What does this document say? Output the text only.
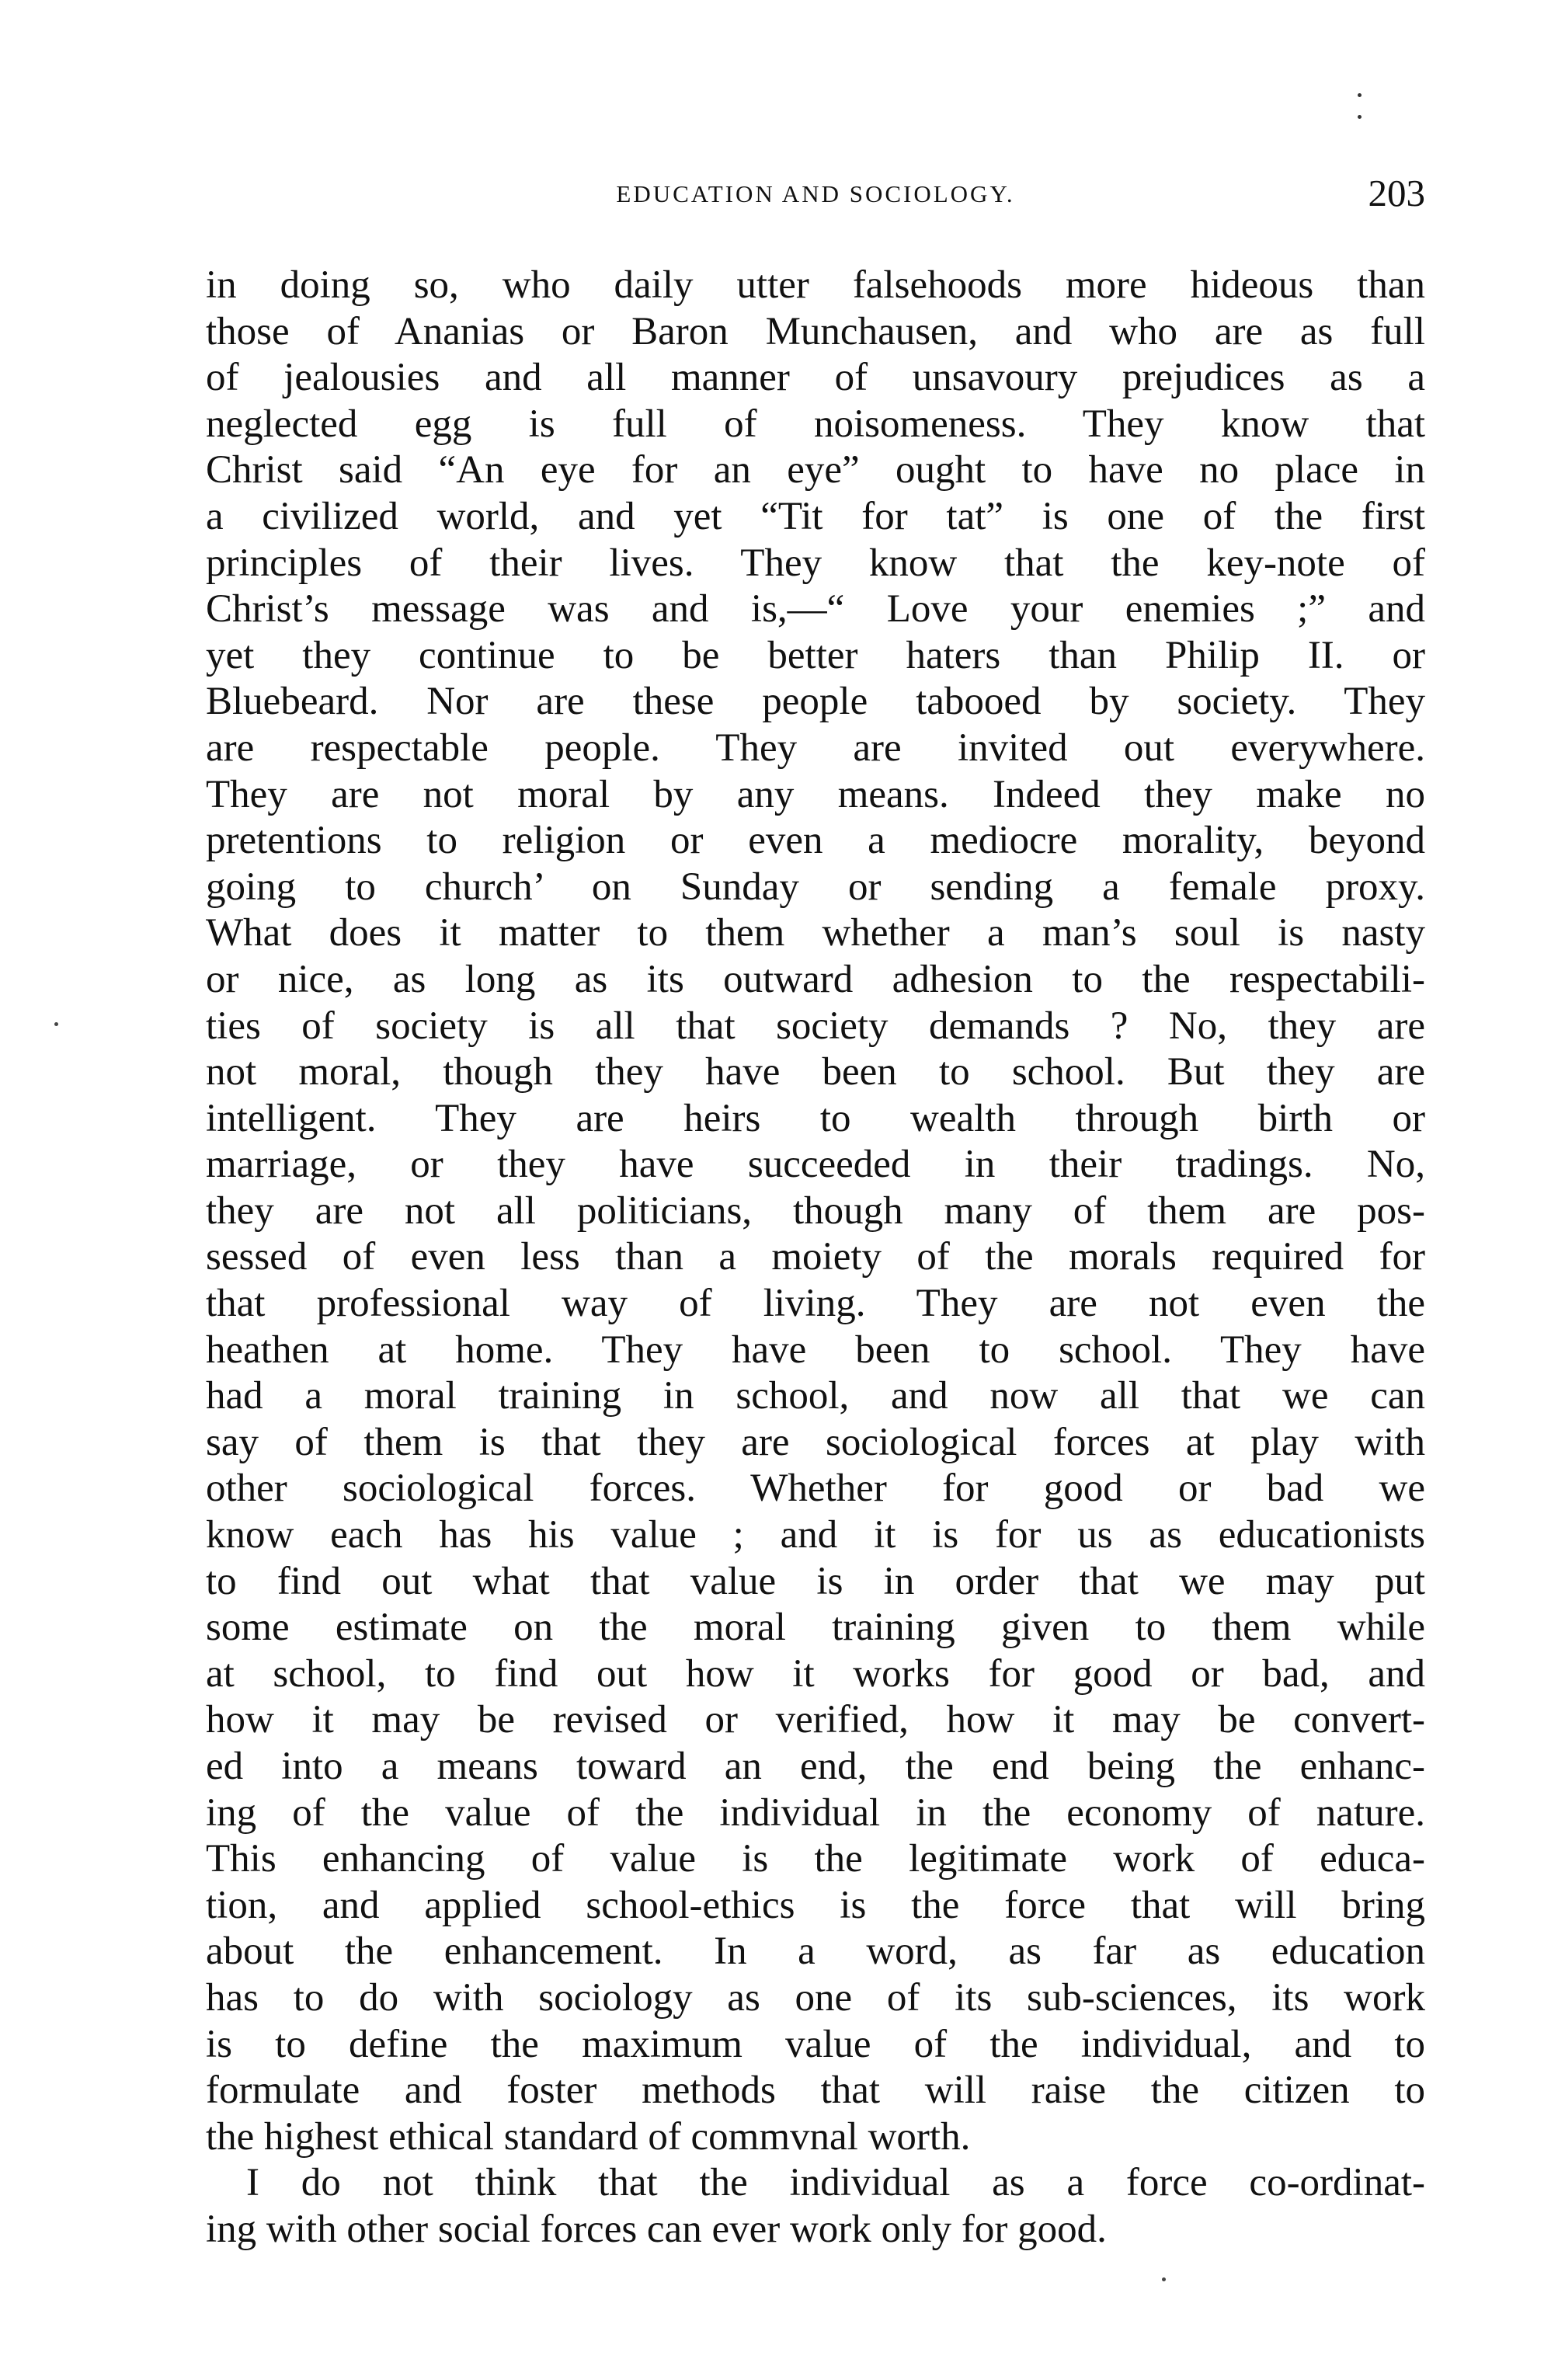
EDUCATION AND SOCIOLOGY.	203
in doing so, who daily utter falsehoods more hideous than
those of Ananias or Baron Munchausen, and who are as full
of jealousies and all manner of unsavoury prejudices as a
neglected egg is full of noisomeness. They know that
Christ said “An eye for an eye” ought to have no place in
a civilized world, and yet “Tit for tat” is one of the first
principles of their lives. They know that the key-note of
Christ’s message was and is,—“ Love your enemies ;” and
yet they continue to be better haters than Philip II. or
Bluebeard. Nor are these people tabooed by society. They
are respectable people. They are invited out everywhere.
They are not moral by any means. Indeed they make no
pretentions to religion or even a mediocre morality, beyond
going to church’ on Sunday or sending a female proxy.
What does it matter to them whether a man’s soul is nasty
or nice, as long as its outward adhesion to the respectabili-
ties of society is all that society demands ? No, they are
not moral, though they have been to school. But they are
intelligent. They are heirs to wealth through birth or
marriage, or they have succeeded in their tradings. No,
they are not all politicians, though many of them are pos-
sessed of even less than a moiety of the morals required for
that professional way of living. They are not even the
heathen at home. They have been to school. They have
had a moral training in school, and now all that we can
say of them is that they are sociological forces at play with
other sociological forces. Whether for good or bad we
know each has his value ; and it is for us as educationists
to find out what that value is in order that we may put
some estimate on the moral training given to them while
at school, to find out how it works for good or bad, and
how it may be revised or verified, how it may be convert-
ed into a means toward an end, the end being the enhanc-
ing of the value of the individual in the economy of nature.
This enhancing of value is the legitimate work of educa-
tion, and applied school-ethics is the force that will bring
about the enhancement. In a word, as far as education
has to do with sociology as one of its sub-sciences, its work
is to define the maximum value of the individual, and to
formulate and foster methods that will raise the citizen to
the highest ethical standard of commvnal worth.
I do not think that the individual as a force co-ordinat-
ing with other social forces can ever work only for good.
